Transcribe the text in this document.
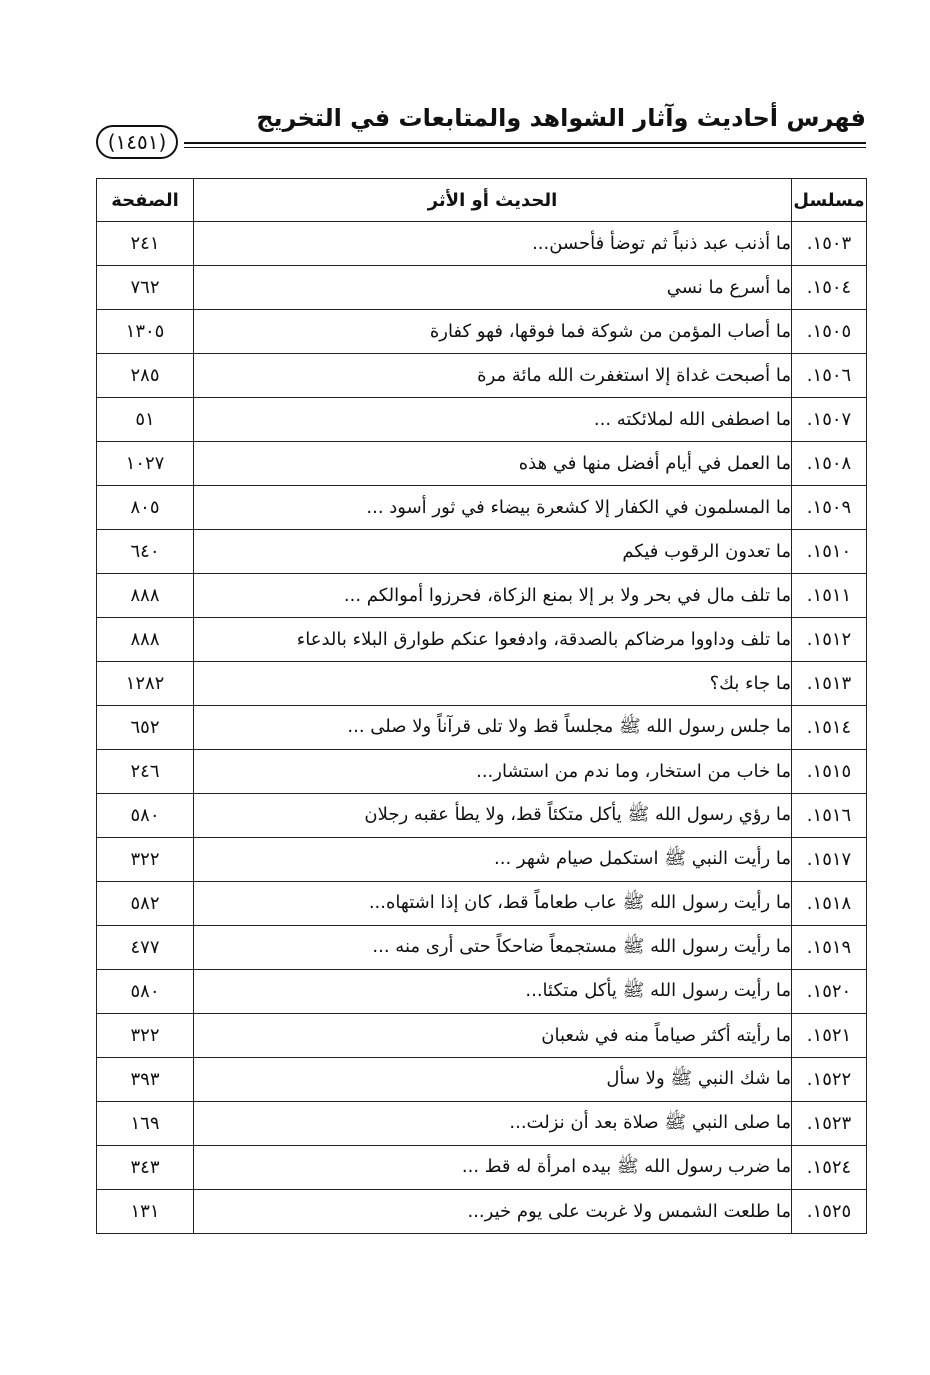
فهرس أحاديث وآثار الشواهد والمتابعات في التخريج
(١٤٥١)
مسلسل	الحديث أو الأثر	الصفحة
١٥٠٣.	ما أذنب عبد ذنباً ثم توضأ فأحسن...	٢٤١
١٥٠٤.	ما أسرع ما نسي	٧٦٢
١٥٠٥.	ما أصاب المؤمن من شوكة فما فوقها، فهو كفارة	١٣٠٥
١٥٠٦.	ما أصبحت غداة إلا استغفرت الله مائة مرة	٢٨٥
١٥٠٧.	ما اصطفى الله لملائكته ...	٥١
١٥٠٨.	ما العمل في أيام أفضل منها في هذه	١٠٢٧
١٥٠٩.	ما المسلمون في الكفار إلا كشعرة بيضاء في ثور أسود ...	٨٠٥
١٥١٠.	ما تعدون الرقوب فيكم	٦٤٠
١٥١١.	ما تلف مال في بحر ولا بر إلا بمنع الزكاة، فحرزوا أموالكم ...	٨٨٨
١٥١٢.	ما تلف وداووا مرضاكم بالصدقة، وادفعوا عنكم طوارق البلاء بالدعاء	٨٨٨
١٥١٣.	ما جاء بك؟	١٢٨٢
١٥١٤.	ما جلس رسول الله ﷺ مجلساً قط ولا تلى قرآناً ولا صلى ...	٦٥٢
١٥١٥.	ما خاب من استخار، وما ندم من استشار...	٢٤٦
١٥١٦.	ما رؤي رسول الله ﷺ يأكل متكئاً قط، ولا يطأ عقبه رجلان	٥٨٠
١٥١٧.	ما رأيت النبي ﷺ استكمل صيام شهر ...	٣٢٢
١٥١٨.	ما رأيت رسول الله ﷺ عاب طعاماً قط، كان إذا اشتهاه...	٥٨٢
١٥١٩.	ما رأيت رسول الله ﷺ مستجمعاً ضاحكاً حتى أرى منه ...	٤٧٧
١٥٢٠.	ما رأيت رسول الله ﷺ يأكل متكئا...	٥٨٠
١٥٢١.	ما رأيته أكثر صياماً منه في شعبان	٣٢٢
١٥٢٢.	ما شك النبي ﷺ ولا سأل	٣٩٣
١٥٢٣.	ما صلى النبي ﷺ صلاة بعد أن نزلت...	١٦٩
١٥٢٤.	ما ضرب رسول الله ﷺ بيده امرأة له قط ...	٣٤٣
١٥٢٥.	ما طلعت الشمس ولا غربت على يوم خير...	١٣١
